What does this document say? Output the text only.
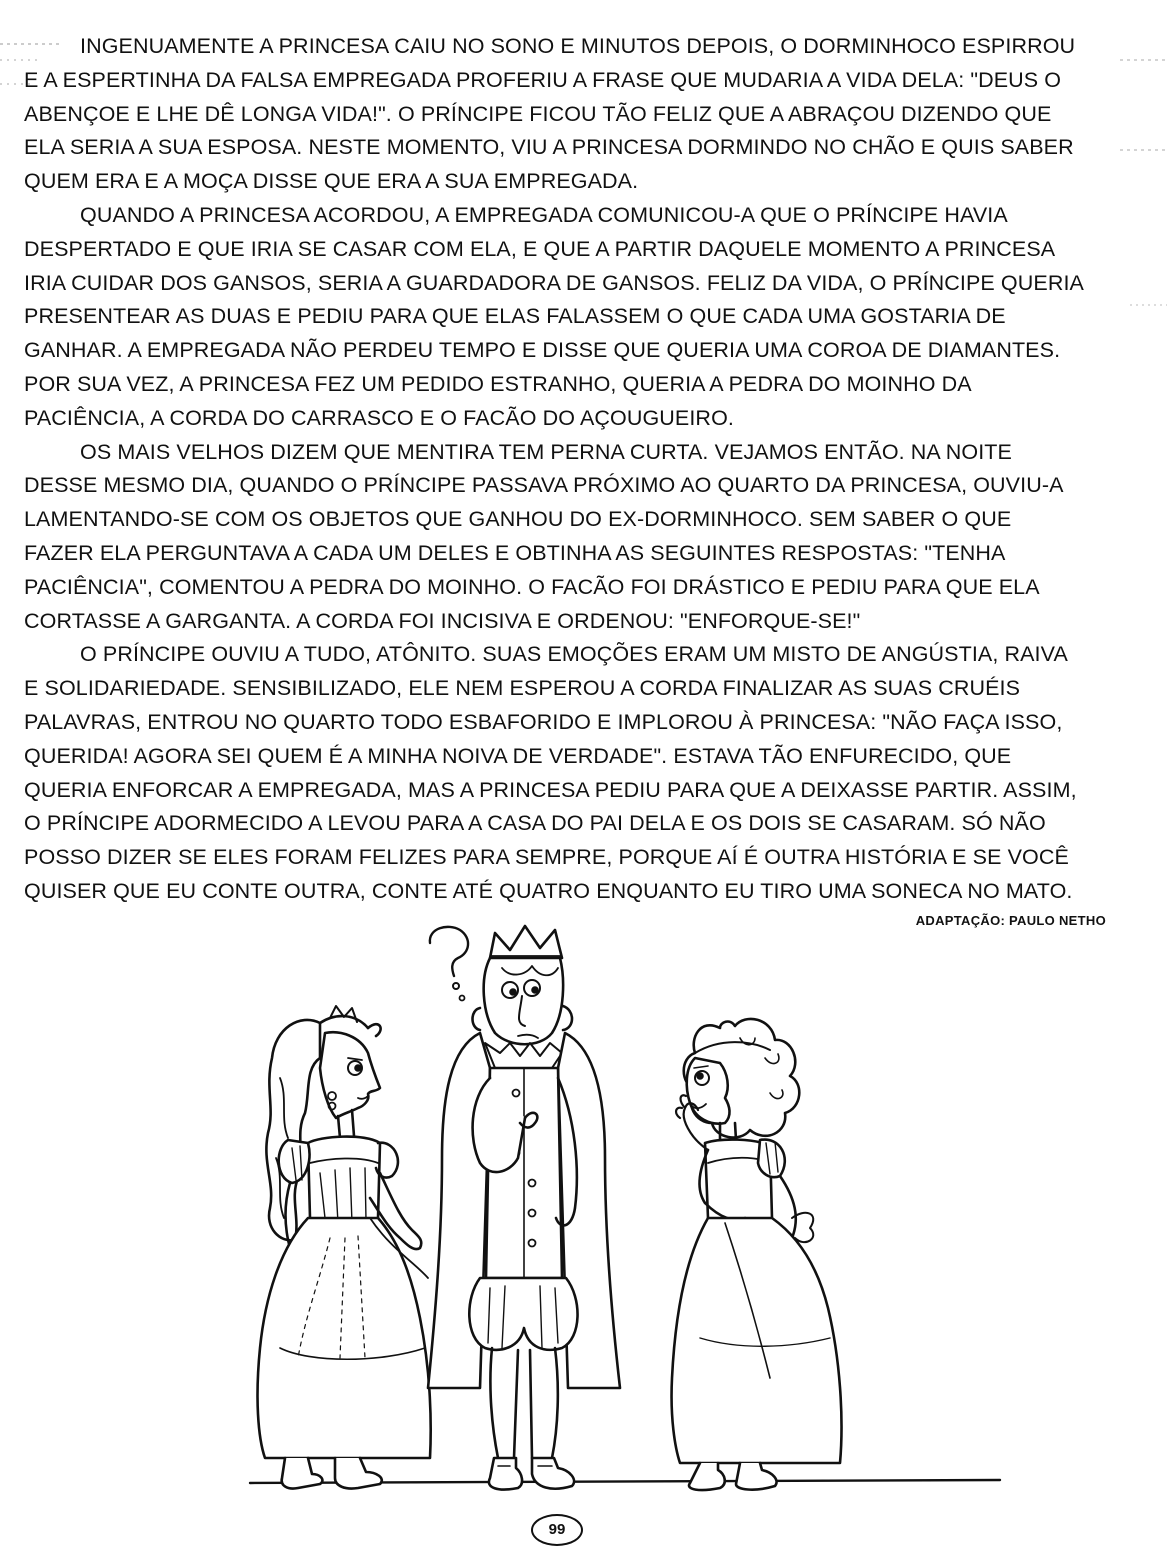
INGENUAMENTE A PRINCESA CAIU NO SONO E MINUTOS DEPOIS, O DORMINHOCO ESPIRROU
E A ESPERTINHA DA FALSA EMPREGADA PROFERIU A FRASE QUE MUDARIA A VIDA DELA: "DEUS O
ABENÇOE E LHE DÊ LONGA VIDA!". O PRÍNCIPE FICOU TÃO FELIZ QUE A ABRAÇOU DIZENDO QUE
ELA SERIA A SUA ESPOSA. NESTE MOMENTO, VIU A PRINCESA DORMINDO NO CHÃO E QUIS SABER
QUEM ERA E A MOÇA DISSE QUE ERA A SUA EMPREGADA.
QUANDO A PRINCESA ACORDOU, A EMPREGADA COMUNICOU-A QUE O PRÍNCIPE HAVIA
DESPERTADO E QUE IRIA SE CASAR COM ELA, E QUE A PARTIR DAQUELE MOMENTO A PRINCESA
IRIA CUIDAR DOS GANSOS, SERIA A GUARDADORA DE GANSOS. FELIZ DA VIDA, O PRÍNCIPE QUERIA
PRESENTEAR AS DUAS E PEDIU PARA QUE ELAS FALASSEM O QUE CADA UMA GOSTARIA DE
GANHAR. A EMPREGADA NÃO PERDEU TEMPO E DISSE QUE QUERIA UMA COROA DE DIAMANTES.
POR SUA VEZ, A PRINCESA FEZ UM PEDIDO ESTRANHO, QUERIA A PEDRA DO MOINHO DA
PACIÊNCIA, A CORDA DO CARRASCO E O FACÃO DO AÇOUGUEIRO.
OS MAIS VELHOS DIZEM QUE MENTIRA TEM PERNA CURTA. VEJAMOS ENTÃO. NA NOITE
DESSE MESMO DIA, QUANDO O PRÍNCIPE PASSAVA PRÓXIMO AO QUARTO DA PRINCESA, OUVIU-A
LAMENTANDO-SE COM OS OBJETOS QUE GANHOU DO EX-DORMINHOCO. SEM SABER O QUE
FAZER ELA PERGUNTAVA A CADA UM DELES E OBTINHA AS SEGUINTES RESPOSTAS: "TENHA
PACIÊNCIA", COMENTOU A PEDRA DO MOINHO. O FACÃO FOI DRÁSTICO E PEDIU PARA QUE ELA
CORTASSE A GARGANTA. A CORDA FOI INCISIVA E ORDENOU: "ENFORQUE-SE!"
O PRÍNCIPE OUVIU A TUDO, ATÔNITO. SUAS EMOÇÕES ERAM UM MISTO DE ANGÚSTIA, RAIVA
E SOLIDARIEDADE. SENSIBILIZADO, ELE NEM ESPEROU A CORDA FINALIZAR AS SUAS CRUÉIS
PALAVRAS, ENTROU NO QUARTO TODO ESBAFORIDO E IMPLOROU À PRINCESA: "NÃO FAÇA ISSO,
QUERIDA! AGORA SEI QUEM É A MINHA NOIVA DE VERDADE". ESTAVA TÃO ENFURECIDO, QUE
QUERIA ENFORCAR A EMPREGADA, MAS A PRINCESA PEDIU PARA QUE A DEIXASSE PARTIR. ASSIM,
O PRÍNCIPE ADORMECIDO A LEVOU PARA A CASA DO PAI DELA E OS DOIS SE CASARAM. SÓ NÃO
POSSO DIZER SE ELES FORAM FELIZES PARA SEMPRE, PORQUE AÍ É OUTRA HISTÓRIA E SE VOCÊ
QUISER QUE EU CONTE OUTRA, CONTE ATÉ QUATRO ENQUANTO EU TIRO UMA SONECA NO MATO.
ADAPTAÇÃO: PAULO NETHO
99
